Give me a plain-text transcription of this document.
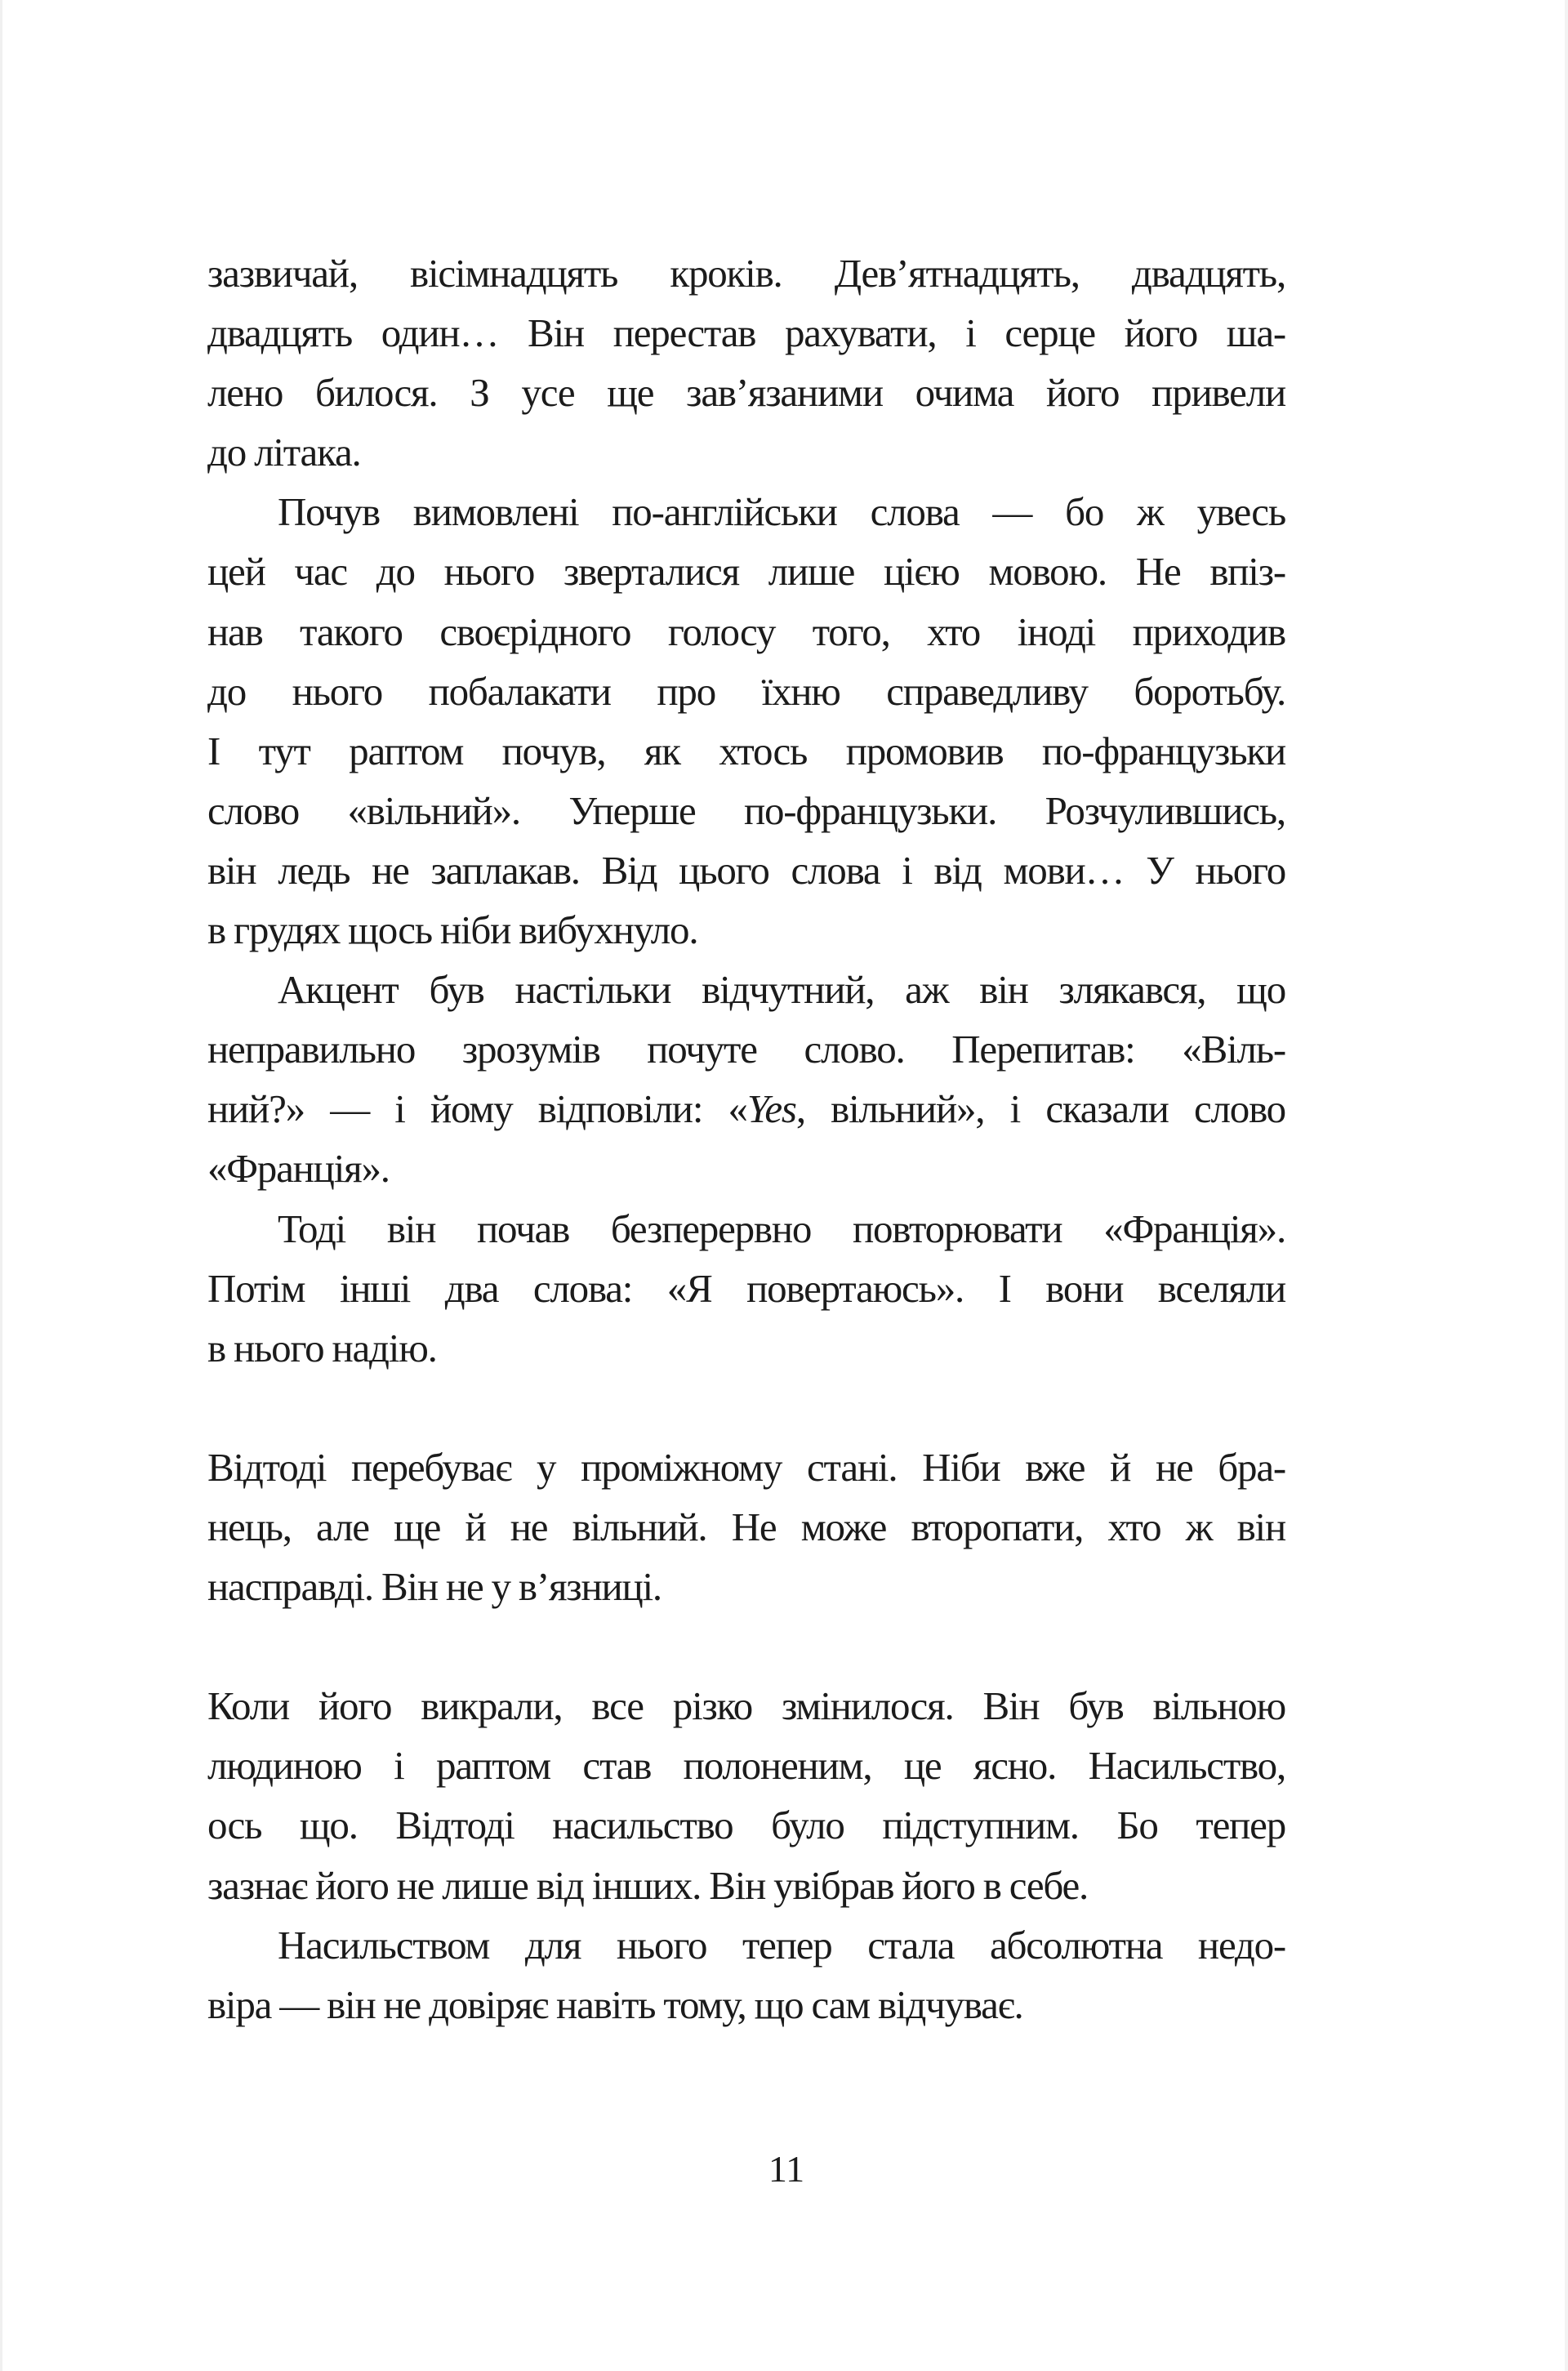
зазвичай, вісімнадцять кроків. Дев’ятнадцять, двадцять,
двадцять один… Він перестав рахувати, і серце його ша-
лено билося. З усе ще зав’язаними очима його привели
до літака.

Почув вимовлені по-англійськи слова — бо ж увесь
цей час до нього зверталися лише цією мовою. Не впіз-
нав такого своєрідного голосу того, хто іноді приходив
до нього побалакати про їхню справедливу боротьбу.
І тут раптом почув, як хтось промовив по-французьки
слово «вільний». Уперше по-французьки. Розчулившись,
він ледь не заплакав. Від цього слова і від мови… У нього
в грудях щось ніби вибухнуло.

Акцент був настільки відчутний, аж він злякався, що
неправильно зрозумів почуте слово. Перепитав: «Віль-
ний?» — і йому відповіли: «Yes, вільний», і сказали слово
«Франція».

Тоді він почав безперервно повторювати «Франція».
Потім інші два слова: «Я повертаюсь». І вони вселяли
в нього надію.

Відтоді перебуває у проміжному стані. Ніби вже й не бра-
нець, але ще й не вільний. Не може второпати, хто ж він
насправді. Він не у в’язниці.

Коли його викрали, все різко змінилося. Він був вільною
людиною і раптом став полоненим, це ясно. Насильство,
ось що. Відтоді насильство було підступним. Бо тепер
зазнає його не лише від інших. Він увібрав його в себе.

Насильством для нього тепер стала абсолютна недо-
віра — він не довіряє навіть тому, що сам відчуває.

11
